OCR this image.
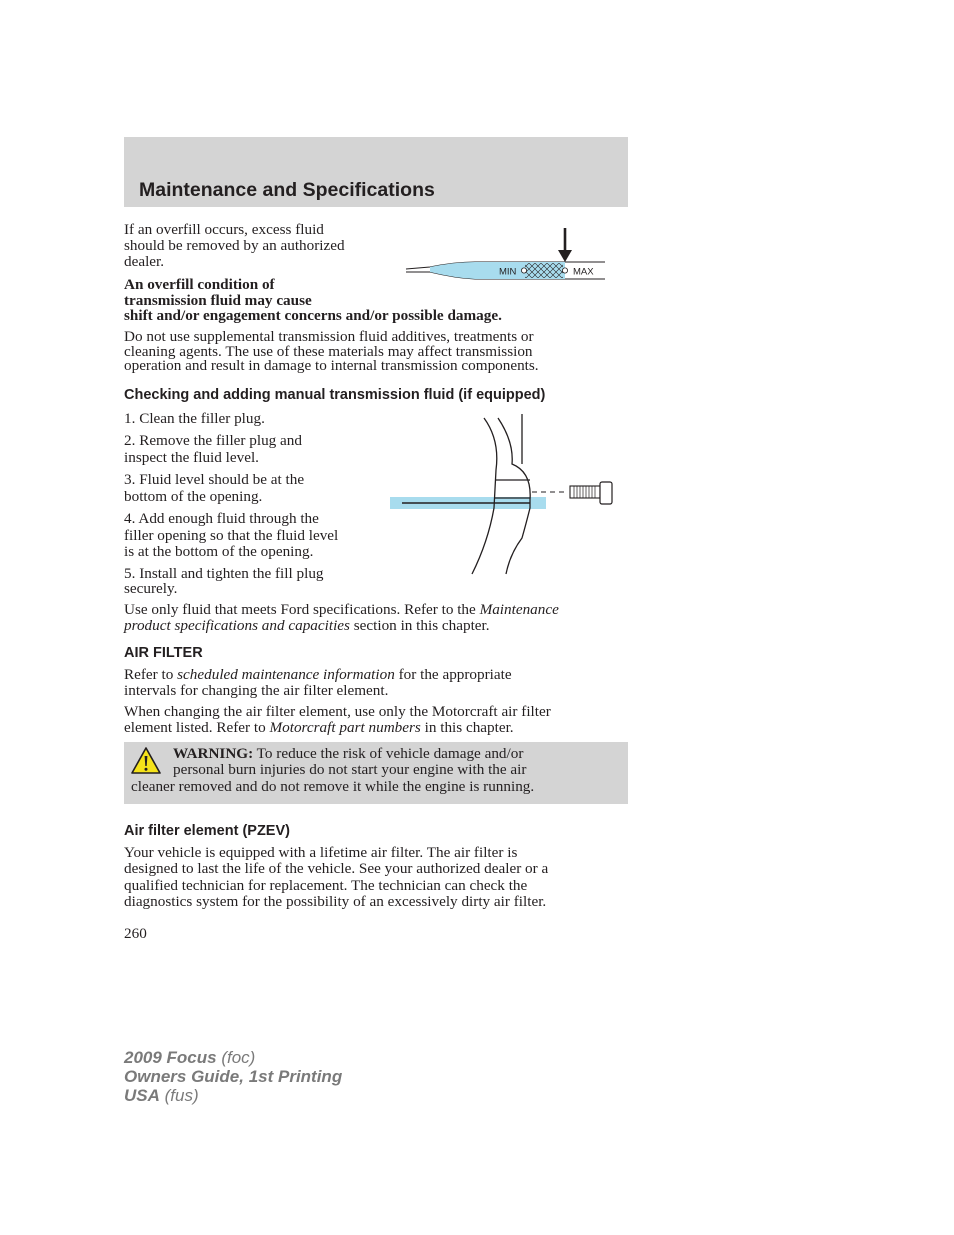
Maintenance and Specifications
If an overfill occurs, excess fluid
should be removed by an authorized
dealer.
An overfill condition of
transmission fluid may cause
shift and/or engagement concerns and/or possible damage.
MIN	MAX
Do not use supplemental transmission fluid additives, treatments or
cleaning agents. The use of these materials may affect transmission
operation and result in damage to internal transmission components.
Checking and adding manual transmission fluid (if equipped)
1. Clean the filler plug.
2. Remove the filler plug and
inspect the fluid level.
3. Fluid level should be at the
bottom of the opening.
4. Add enough fluid through the
filler opening so that the fluid level
is at the bottom of the opening.
5. Install and tighten the fill plug
securely.
Use only fluid that meets Ford specifications. Refer to the Maintenance
product specifications and capacities section in this chapter.
AIR FILTER
Refer to scheduled maintenance information for the appropriate
intervals for changing the air filter element.
When changing the air filter element, use only the Motorcraft air filter
element listed. Refer to Motorcraft part numbers in this chapter.
WARNING: To reduce the risk of vehicle damage and/or
personal burn injuries do not start your engine with the air
cleaner removed and do not remove it while the engine is running.
Air filter element (PZEV)
Your vehicle is equipped with a lifetime air filter. The air filter is
designed to last the life of the vehicle. See your authorized dealer or a
qualified technician for replacement. The technician can check the
diagnostics system for the possibility of an excessively dirty air filter.
260
2009 Focus (foc)
Owners Guide, 1st Printing
USA (fus)
